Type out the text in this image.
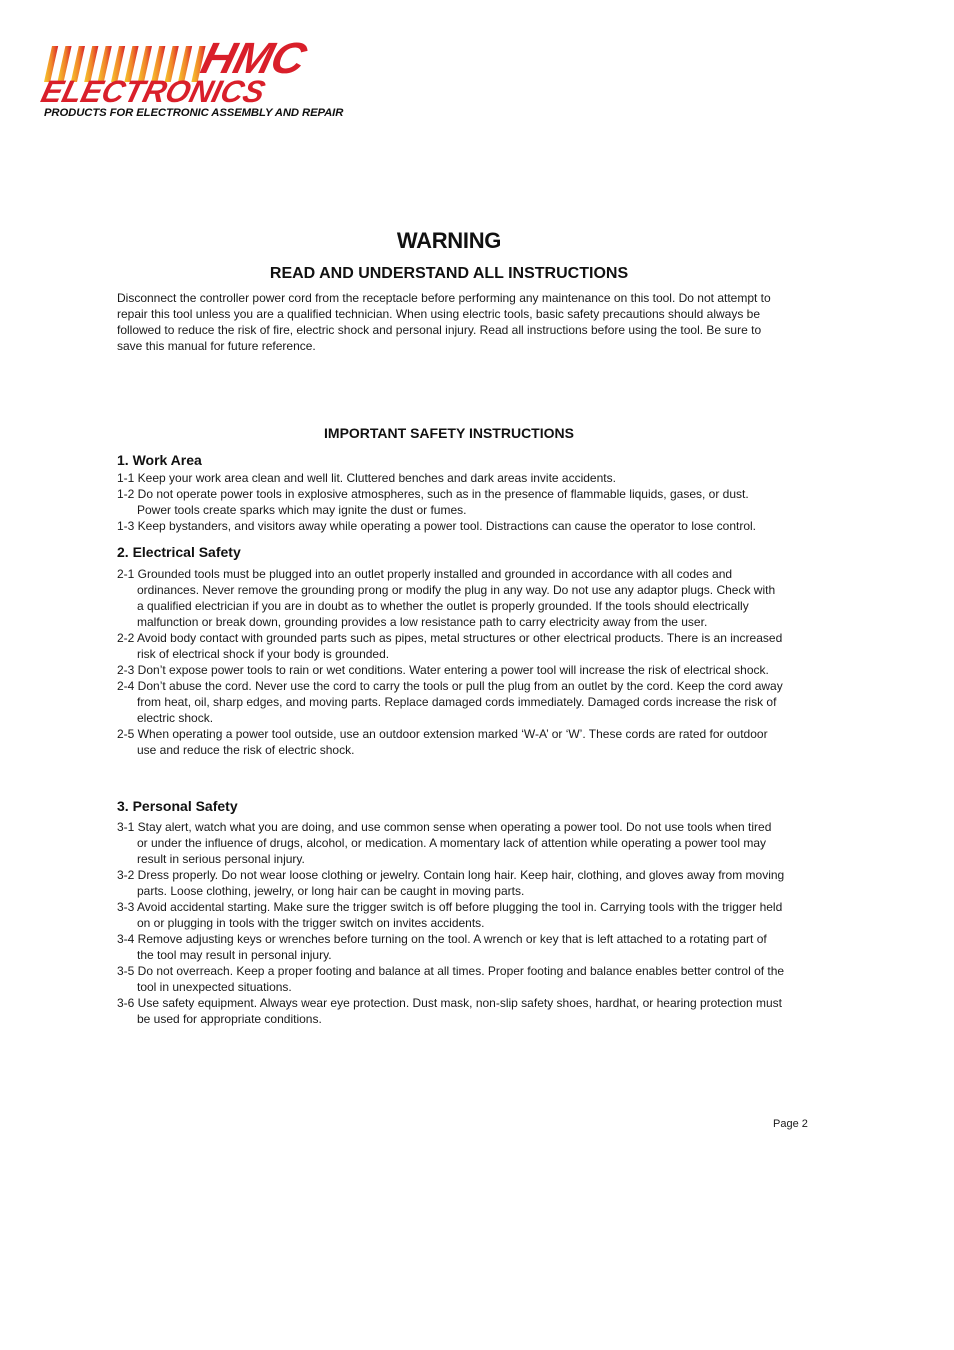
HMC
ELECTRONICS
PRODUCTS FOR ELECTRONIC ASSEMBLY AND REPAIR
WARNING
READ AND UNDERSTAND ALL INSTRUCTIONS

Disconnect the controller power cord from the receptacle before performing any maintenance on this tool. Do not attempt to repair this tool unless you are a qualified technician. When using electric tools, basic safety precautions should always be followed to reduce the risk of fire, electric shock and personal injury. Read all instructions before using the tool. Be sure to save this manual for future reference.

IMPORTANT SAFETY INSTRUCTIONS
1. Work Area
1-1 Keep your work area clean and well lit. Cluttered benches and dark areas invite accidents.
1-2 Do not operate power tools in explosive atmospheres, such as in the presence of flammable liquids, gases, or dust. Power tools create sparks which may ignite the dust or fumes.
1-3 Keep bystanders, and visitors away while operating a power tool. Distractions can cause the operator to lose control.
2. Electrical Safety
2-1 Grounded tools must be plugged into an outlet properly installed and grounded in accordance with all codes and ordinances. Never remove the grounding prong or modify the plug in any way. Do not use any adaptor plugs. Check with a qualified electrician if you are in doubt as to whether the outlet is properly grounded. If the tools should electrically malfunction or break down, grounding provides a low resistance path to carry electricity away from the user.
2-2 Avoid body contact with grounded parts such as pipes, metal structures or other electrical products. There is an increased risk of electrical shock if your body is grounded.
2-3 Don’t expose power tools to rain or wet conditions. Water entering a power tool will increase the risk of electrical shock.
2-4 Don’t abuse the cord. Never use the cord to carry the tools or pull the plug from an outlet by the cord. Keep the cord away from heat, oil, sharp edges, and moving parts. Replace damaged cords immediately. Damaged cords increase the risk of electric shock.
2-5 When operating a power tool outside, use an outdoor extension marked ‘W-A’ or ‘W’. These cords are rated for outdoor use and reduce the risk of electric shock.
3. Personal Safety
3-1 Stay alert, watch what you are doing, and use common sense when operating a power tool. Do not use tools when tired or under the influence of drugs, alcohol, or medication. A momentary lack of attention while operating a power tool may result in serious personal injury.
3-2 Dress properly. Do not wear loose clothing or jewelry. Contain long hair. Keep hair, clothing, and gloves away from moving parts. Loose clothing, jewelry, or long hair can be caught in moving parts.
3-3 Avoid accidental starting. Make sure the trigger switch is off before plugging the tool in. Carrying tools with the trigger held on or plugging in tools with the trigger switch on invites accidents.
3-4 Remove adjusting keys or wrenches before turning on the tool. A wrench or key that is left attached to a rotating part of the tool may result in personal injury.
3-5 Do not overreach. Keep a proper footing and balance at all times. Proper footing and balance enables better control of the tool in unexpected situations.
3-6 Use safety equipment. Always wear eye protection. Dust mask, non-slip safety shoes, hardhat, or hearing protection must be used for appropriate conditions.
Page 2
